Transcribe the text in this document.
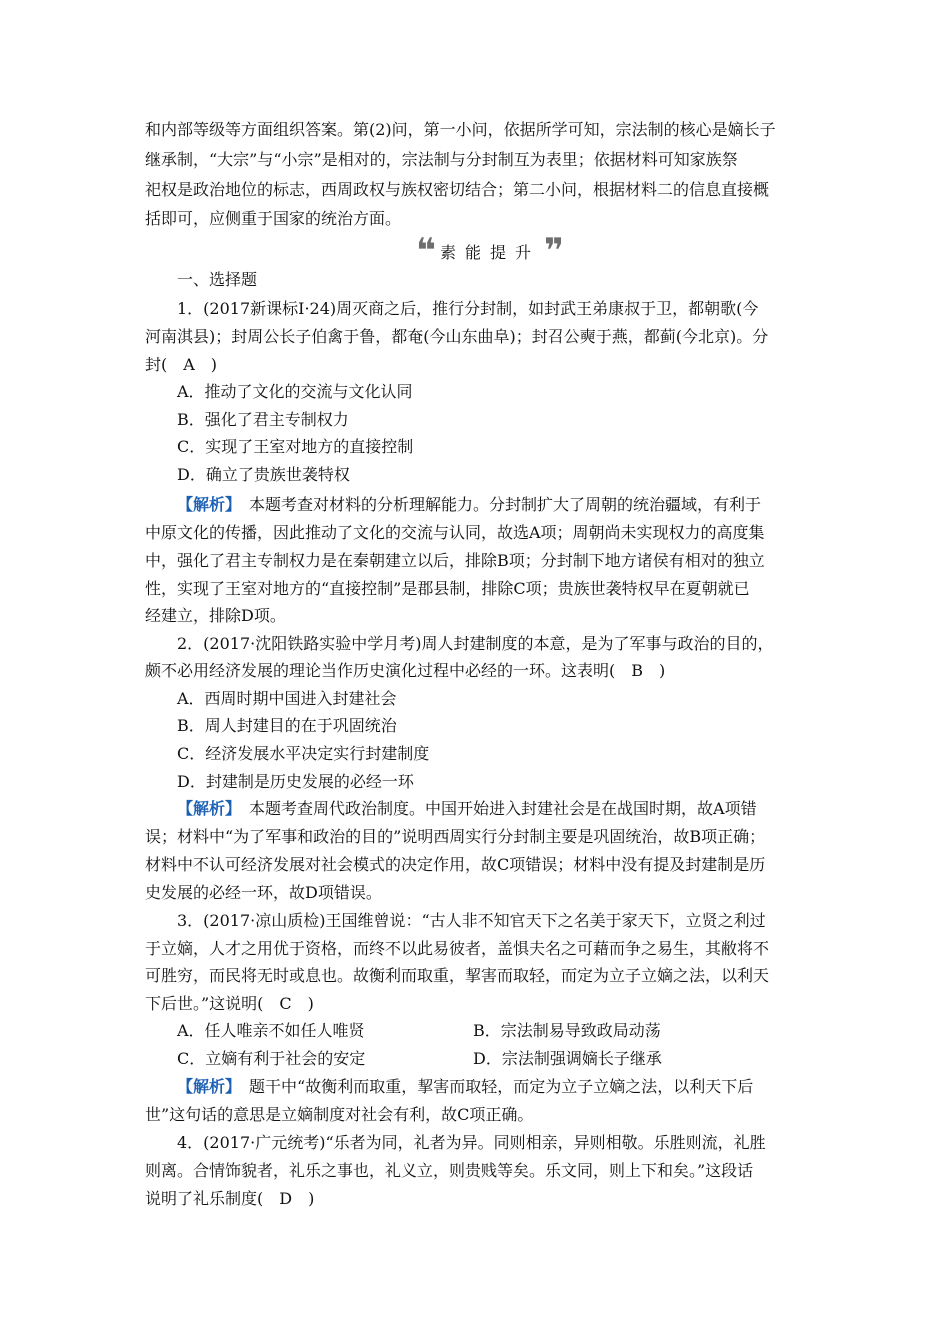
和内部等级等方面组织答案。第(2)问，第一小问，依据所学可知，宗法制的核心是嫡长子
继承制，“大宗”与“小宗”是相对的，宗法制与分封制互为表里；依据材料可知家族祭
祀权是政治地位的标志，西周政权与族权密切结合；第二小问，根据材料二的信息直接概
括即可，应侧重于国家的统治方面。
❝ 素能提升 ❞
一、选择题
1．(2017新课标Ⅰ·24)周灭商之后，推行分封制，如封武王弟康叔于卫，都朝歌(今
河南淇县)；封周公长子伯禽于鲁，都奄(今山东曲阜)；封召公奭于燕，都蓟(今北京)。分
封(　A　)
A．推动了文化的交流与文化认同
B．强化了君主专制权力
C．实现了王室对地方的直接控制
D．确立了贵族世袭特权
【解析】　本题考查对材料的分析理解能力。分封制扩大了周朝的统治疆域，有利于
中原文化的传播，因此推动了文化的交流与认同，故选A项；周朝尚未实现权力的高度集
中，强化了君主专制权力是在秦朝建立以后，排除B项；分封制下地方诸侯有相对的独立
性，实现了王室对地方的“直接控制”是郡县制，排除C项；贵族世袭特权早在夏朝就已
经建立，排除D项。
2．(2017·沈阳铁路实验中学月考)周人封建制度的本意，是为了军事与政治的目的，
颇不必用经济发展的理论当作历史演化过程中必经的一环。这表明(　B　)
A．西周时期中国进入封建社会
B．周人封建目的在于巩固统治
C．经济发展水平决定实行封建制度
D．封建制是历史发展的必经一环
【解析】　本题考查周代政治制度。中国开始进入封建社会是在战国时期，故A项错
误；材料中“为了军事和政治的目的”说明西周实行分封制主要是巩固统治，故B项正确；
材料中不认可经济发展对社会模式的决定作用，故C项错误；材料中没有提及封建制是历
史发展的必经一环，故D项错误。
3．(2017·凉山质检)王国维曾说：“古人非不知官天下之名美于家天下，立贤之利过
于立嫡，人才之用优于资格，而终不以此易彼者，盖惧夫名之可藉而争之易生，其敝将不
可胜穷，而民将无时或息也。故衡利而取重，挈害而取轻，而定为立子立嫡之法，以利天
下后世。”这说明(　C　)
A．任人唯亲不如任人唯贤	B．宗法制易导致政局动荡
C．立嫡有利于社会的安定	D．宗法制强调嫡长子继承
【解析】　题干中“故衡利而取重，挈害而取轻，而定为立子立嫡之法，以利天下后
世”这句话的意思是立嫡制度对社会有利，故C项正确。
4．(2017·广元统考)“乐者为同，礼者为异。同则相亲，异则相敬。乐胜则流，礼胜
则离。合情饰貌者，礼乐之事也，礼义立，则贵贱等矣。乐文同，则上下和矣。”这段话
说明了礼乐制度(　D　)
